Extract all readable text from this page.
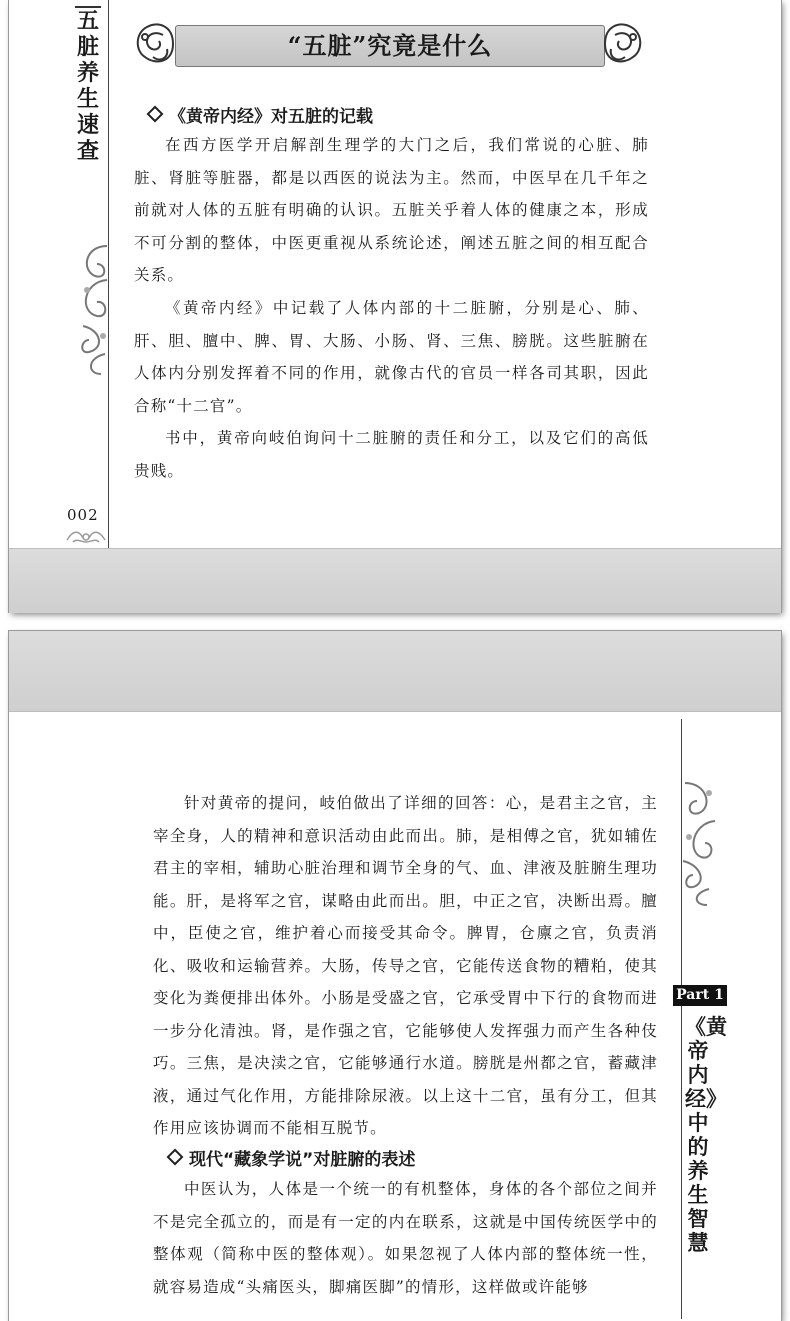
五脏养生速查
002
“五脏”究竟是什么
《黄帝内经》对五脏的记载
在西方医学开启解剖生理学的大门之后，我们常说的心脏、肺脏、肾脏等脏器，都是以西医的说法为主。然而，中医早在几千年之前就对人体的五脏有明确的认识。五脏关乎着人体的健康之本，形成不可分割的整体，中医更重视从系统论述，阐述五脏之间的相互配合关系。
《黄帝内经》中记载了人体内部的十二脏腑，分别是心、肺、肝、胆、膻中、脾、胃、大肠、小肠、肾、三焦、膀胱。这些脏腑在人体内分别发挥着不同的作用，就像古代的官员一样各司其职，因此合称“十二官”。
书中，黄帝向岐伯询问十二脏腑的责任和分工，以及它们的高低贵贱。
Part 1
《黄帝内经》中的养生智慧
针对黄帝的提问，岐伯做出了详细的回答：心，是君主之官，主宰全身，人的精神和意识活动由此而出。肺，是相傅之官，犹如辅佐君主的宰相，辅助心脏治理和调节全身的气、血、津液及脏腑生理功能。肝，是将军之官，谋略由此而出。胆，中正之官，决断出焉。膻中，臣使之官，维护着心而接受其命令。脾胃，仓廪之官，负责消化、吸收和运输营养。大肠，传导之官，它能传送食物的糟粕，使其变化为粪便排出体外。小肠是受盛之官，它承受胃中下行的食物而进一步分化清浊。肾，是作强之官，它能够使人发挥强力而产生各种伎巧。三焦，是决渎之官，它能够通行水道。膀胱是州都之官，蓄藏津液，通过气化作用，方能排除尿液。以上这十二官，虽有分工，但其作用应该协调而不能相互脱节。
现代“藏象学说”对脏腑的表述
中医认为，人体是一个统一的有机整体，身体的各个部位之间并不是完全孤立的，而是有一定的内在联系，这就是中国传统医学中的整体观（简称中医的整体观）。如果忽视了人体内部的整体统一性，就容易造成“头痛医头，脚痛医脚”的情形，这样做或许能够
